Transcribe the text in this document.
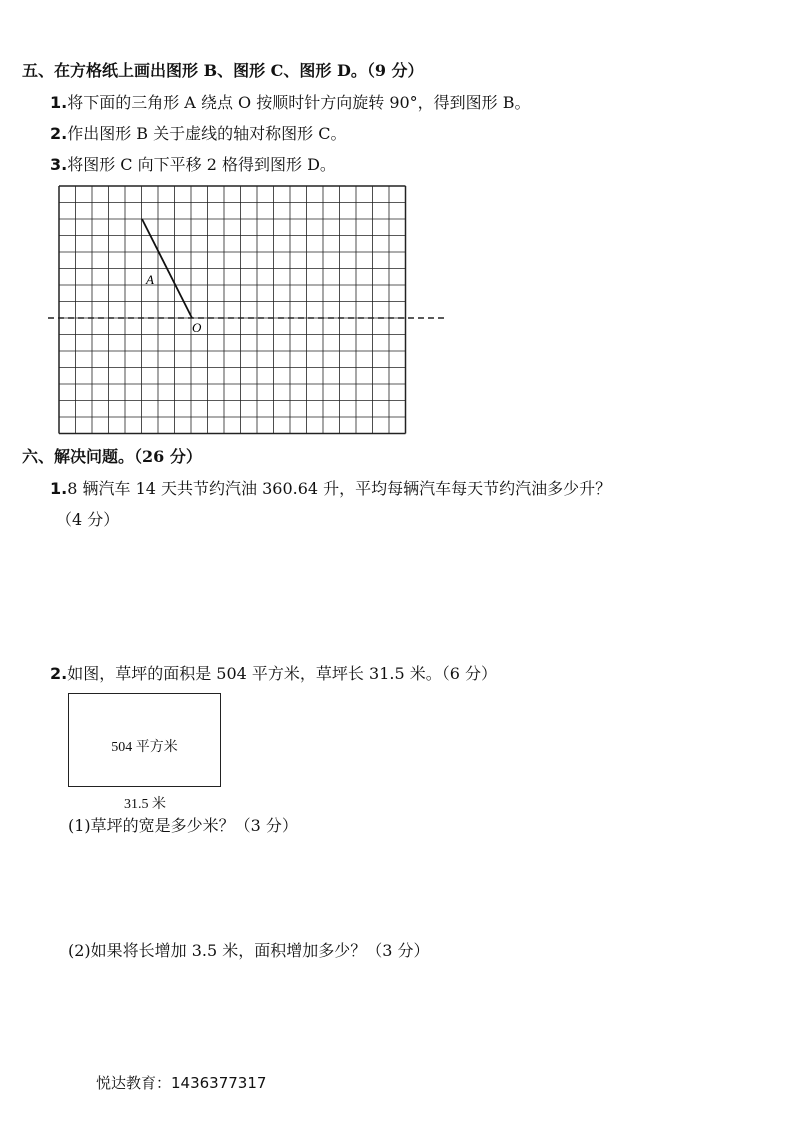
五、在方格纸上画出图形 B、图形 C、图形 D。（9 分）
1.将下面的三角形 A 绕点 O 按顺时针方向旋转 90°，得到图形 B。
2.作出图形 B 关于虚线的轴对称图形 C。
3.将图形 C 向下平移 2 格得到图形 D。
A
O
六、解决问题。（26 分）
1.8 辆汽车 14 天共节约汽油 360.64 升，平均每辆汽车每天节约汽油多少升？
（4 分）
2.如图，草坪的面积是 504 平方米，草坪长 31.5 米。（6 分）
504 平方米
31.5 米
(1)草坪的宽是多少米？（3 分）
(2)如果将长增加 3.5 米，面积增加多少？（3 分）
悦达教育：1436377317
